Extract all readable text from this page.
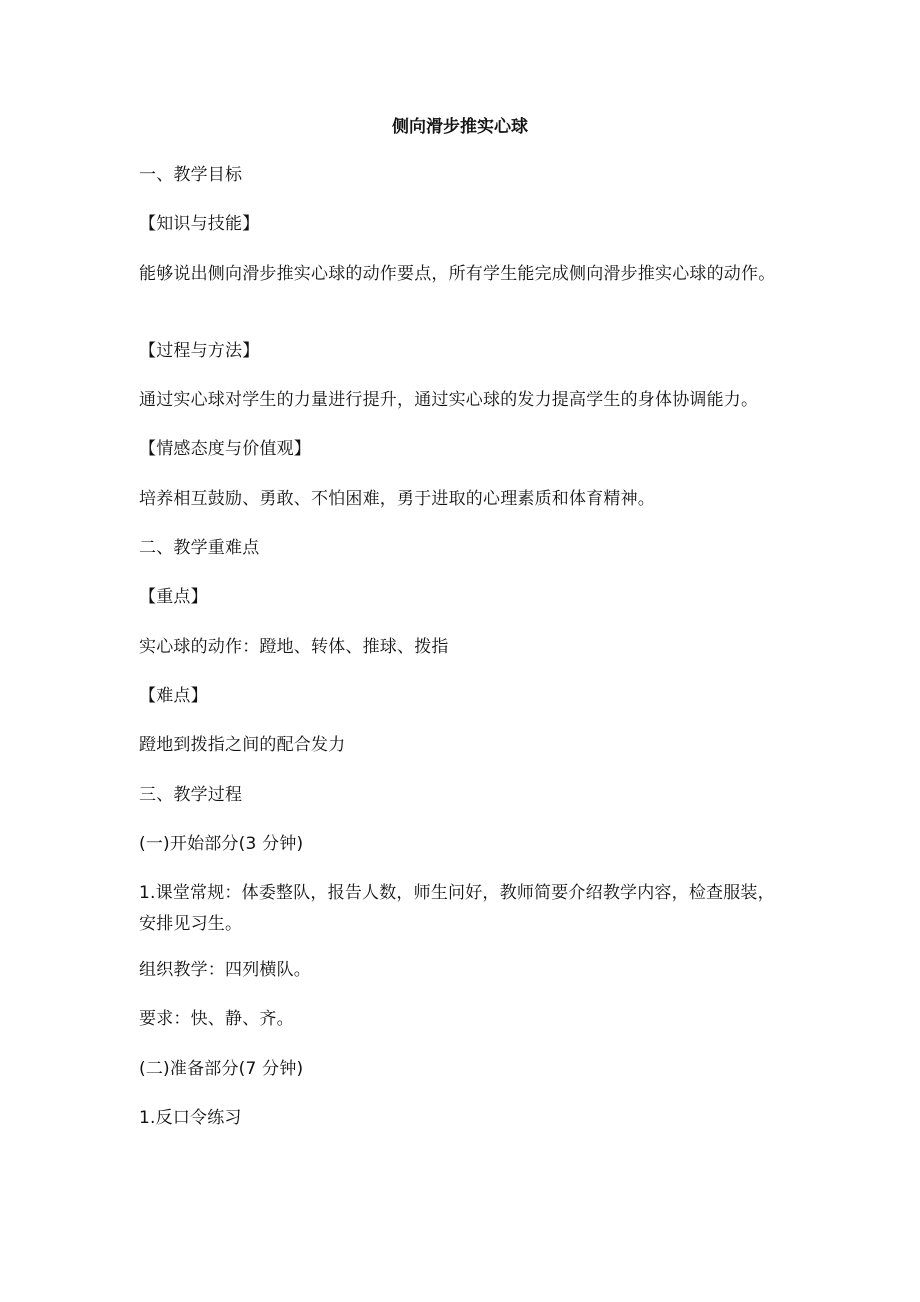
侧向滑步推实心球

一、教学目标

【知识与技能】

能够说出侧向滑步推实心球的动作要点，所有学生能完成侧向滑步推实心球的动作。

【过程与方法】

通过实心球对学生的力量进行提升，通过实心球的发力提高学生的身体协调能力。

【情感态度与价值观】

培养相互鼓励、勇敢、不怕困难，勇于进取的心理素质和体育精神。

二、教学重难点

【重点】

实心球的动作：蹬地、转体、推球、拨指

【难点】

蹬地到拨指之间的配合发力

三、教学过程

(一)开始部分(3 分钟)

1.课堂常规：体委整队，报告人数，师生问好，教师简要介绍教学内容，检查服装，安排见习生。

组织教学：四列横队。

要求：快、静、齐。

(二)准备部分(7 分钟)

1.反口令练习
